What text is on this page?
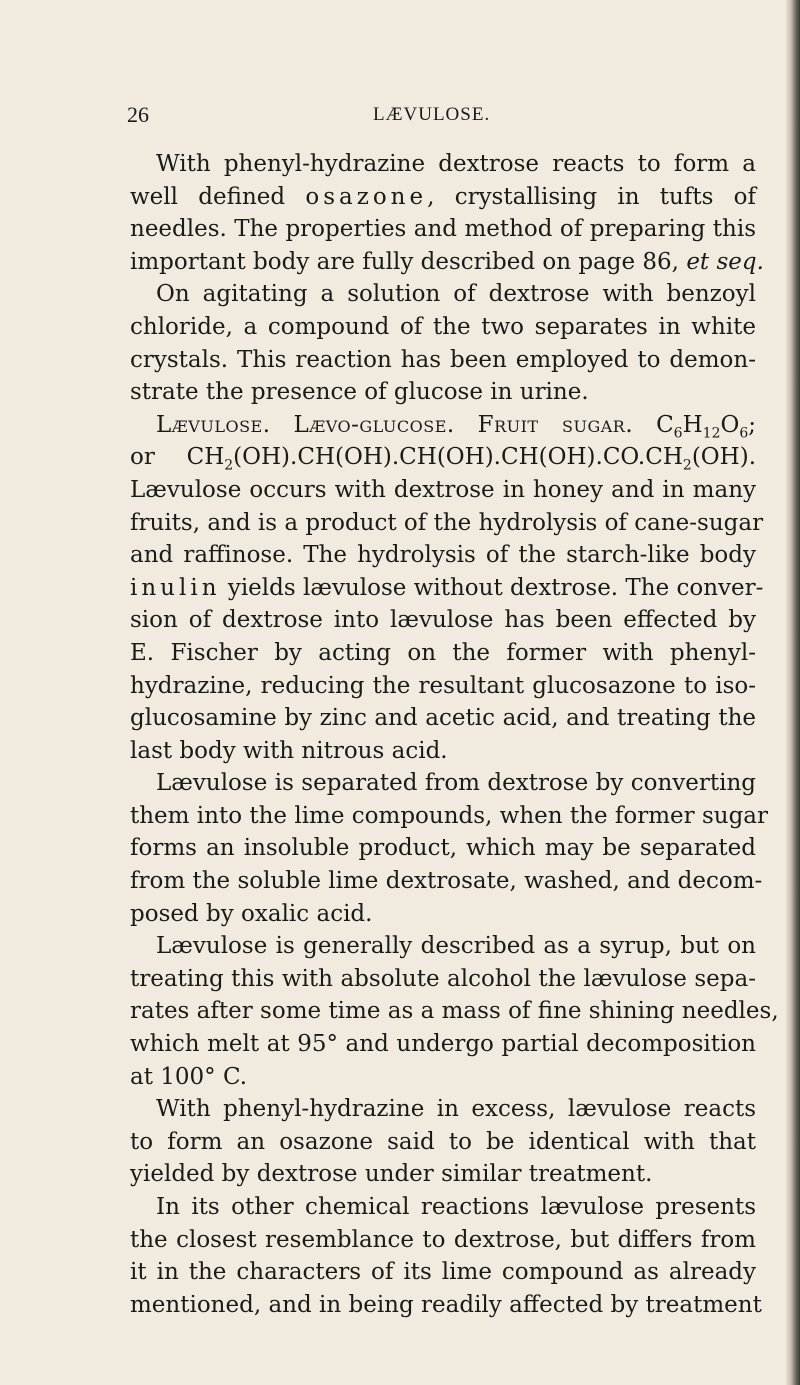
26	LÆVULOSE.
With phenyl-hydrazine dextrose reacts to form a
well defined osazone, crystallising in tufts of
needles. The properties and method of preparing this
important body are fully described on page 86, et seq.
On agitating a solution of dextrose with benzoyl
chloride, a compound of the two separates in white
crystals. This reaction has been employed to demon-
strate the presence of glucose in urine.
Lævulose. Lævo-glucose. Fruit sugar. $C_6H_{12}O_6$;
or $CH_2(OH).CH(OH).CH(OH).CH(OH).CO.CH_2(OH)$.
Lævulose occurs with dextrose in honey and in many
fruits, and is a product of the hydrolysis of cane-sugar
and raffinose. The hydrolysis of the starch-like body
inulin yields lævulose without dextrose. The conver-
sion of dextrose into lævulose has been effected by
E. Fischer by acting on the former with phenyl-
hydrazine, reducing the resultant glucosazone to iso-
glucosamine by zinc and acetic acid, and treating the
last body with nitrous acid.
Lævulose is separated from dextrose by converting
them into the lime compounds, when the former sugar
forms an insoluble product, which may be separated
from the soluble lime dextrosate, washed, and decom-
posed by oxalic acid.
Lævulose is generally described as a syrup, but on
treating this with absolute alcohol the lævulose sepa-
rates after some time as a mass of fine shining needles,
which melt at 95° and undergo partial decomposition
at 100° C.
With phenyl-hydrazine in excess, lævulose reacts
to form an osazone said to be identical with that
yielded by dextrose under similar treatment.
In its other chemical reactions lævulose presents
the closest resemblance to dextrose, but differs from
it in the characters of its lime compound as already
mentioned, and in being readily affected by treatment
